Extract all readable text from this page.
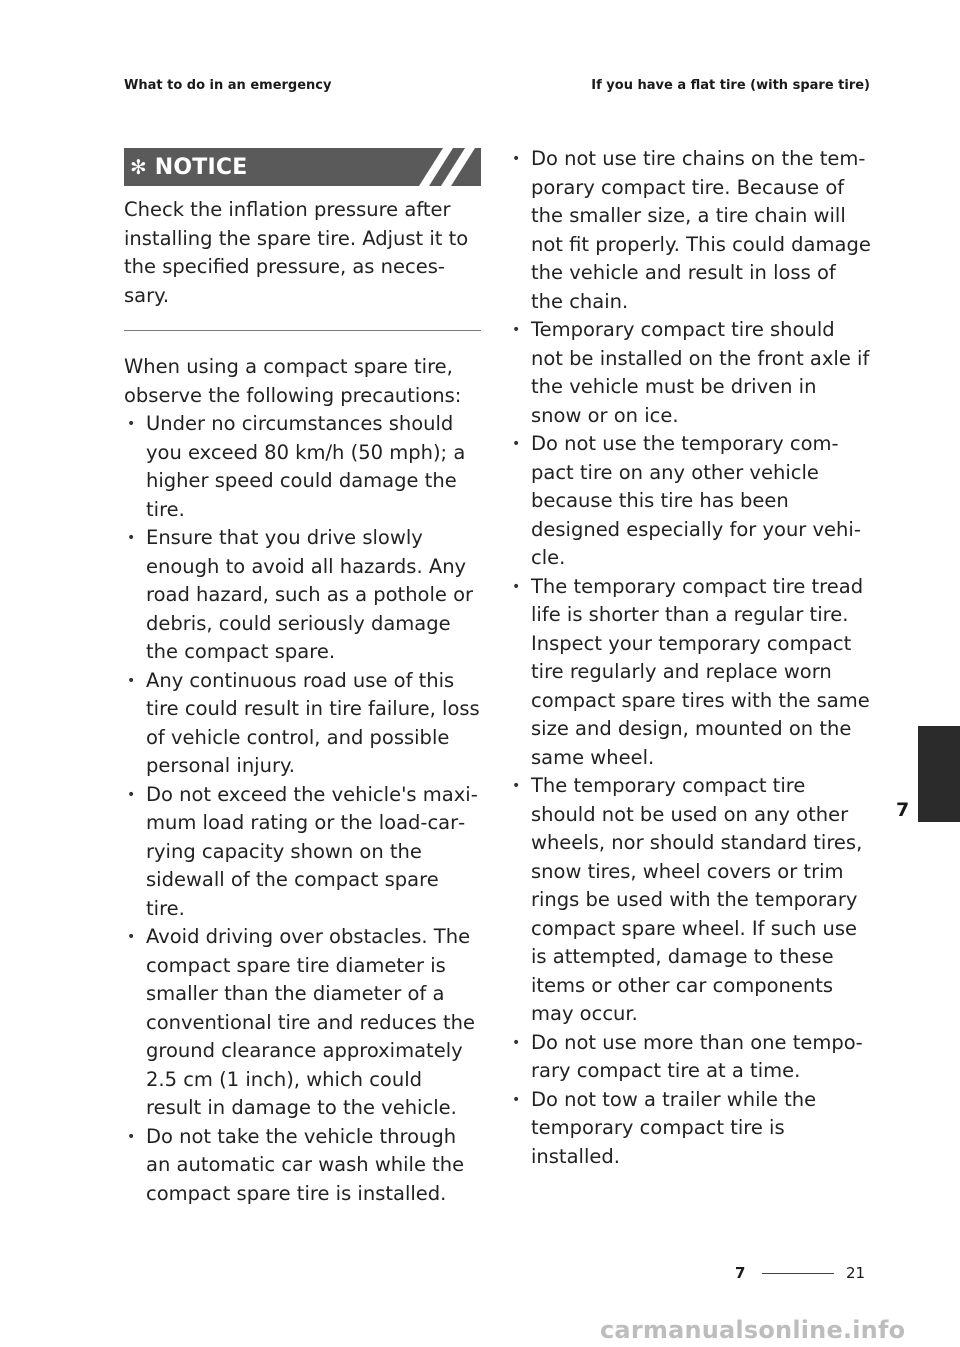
What to do in an emergency	If you have a flat tire (with spare tire)
✻ NOTICE

Check the inflation pressure after installing the spare tire. Adjust it to the specified pressure, as necessary.

When using a compact spare tire, observe the following precautions:

• Under no circumstances should you exceed 80 km/h (50 mph); a higher speed could damage the tire.
• Ensure that you drive slowly enough to avoid all hazards. Any road hazard, such as a pothole or debris, could seriously damage the compact spare.
• Any continuous road use of this tire could result in tire failure, loss of vehicle control, and possible personal injury.
• Do not exceed the vehicle's maximum load rating or the load-carrying capacity shown on the sidewall of the compact spare tire.
• Avoid driving over obstacles. The compact spare tire diameter is smaller than the diameter of a conventional tire and reduces the ground clearance approximately 2.5 cm (1 inch), which could result in damage to the vehicle.
• Do not take the vehicle through an automatic car wash while the compact spare tire is installed.
• Do not use tire chains on the temporary compact tire. Because of the smaller size, a tire chain will not fit properly. This could damage the vehicle and result in loss of the chain.
• Temporary compact tire should not be installed on the front axle if the vehicle must be driven in snow or on ice.
• Do not use the temporary compact tire on any other vehicle because this tire has been designed especially for your vehicle.
• The temporary compact tire tread life is shorter than a regular tire. Inspect your temporary compact tire regularly and replace worn compact spare tires with the same size and design, mounted on the same wheel.
• The temporary compact tire should not be used on any other wheels, nor should standard tires, snow tires, wheel covers or trim rings be used with the temporary compact spare wheel. If such use is attempted, damage to these items or other car components may occur.
• Do not use more than one temporary compact tire at a time.
• Do not tow a trailer while the temporary compact tire is installed.
7
7	21
carmanualsonline.info
